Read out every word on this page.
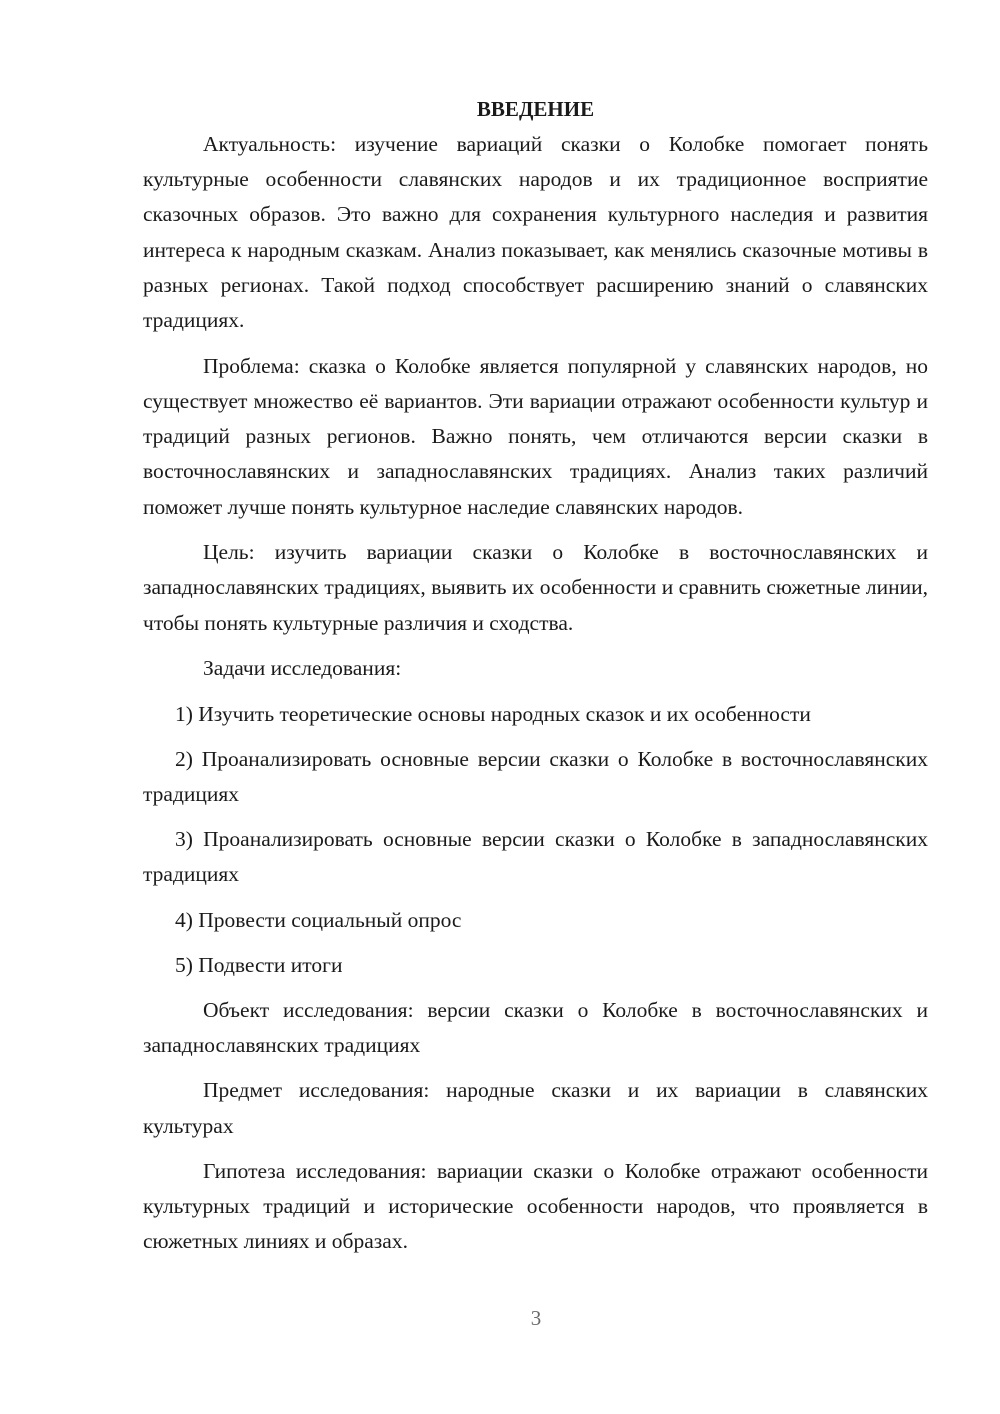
ВВЕДЕНИЕ

Актуальность: изучение вариаций сказки о Колобке помогает понять культурные особенности славянских народов и их традиционное восприятие сказочных образов. Это важно для сохранения культурного наследия и развития интереса к народным сказкам. Анализ показывает, как менялись сказочные мотивы в разных регионах. Такой подход способствует расширению знаний о славянских традициях.

Проблема: сказка о Колобке является популярной у славянских народов, но существует множество её вариантов. Эти вариации отражают особенности культур и традиций разных регионов. Важно понять, чем отличаются версии сказки в восточнославянских и западнославянских традициях. Анализ таких различий поможет лучше понять культурное наследие славянских народов.

Цель: изучить вариации сказки о Колобке в восточнославянских и западнославянских традициях, выявить их особенности и сравнить сюжетные линии, чтобы понять культурные различия и сходства.

Задачи исследования:

1) Изучить теоретические основы народных сказок и их особенности

2) Проанализировать основные версии сказки о Колобке в восточнославянских традициях

3) Проанализировать основные версии сказки о Колобке в западнославянских традициях

4) Провести социальный опрос

5) Подвести итоги

Объект исследования: версии сказки о Колобке в восточнославянских и западнославянских традициях

Предмет исследования: народные сказки и их вариации в славянских культурах

Гипотеза исследования: вариации сказки о Колобке отражают особенности культурных традиций и исторические особенности народов, что проявляется в сюжетных линиях и образах.

3
